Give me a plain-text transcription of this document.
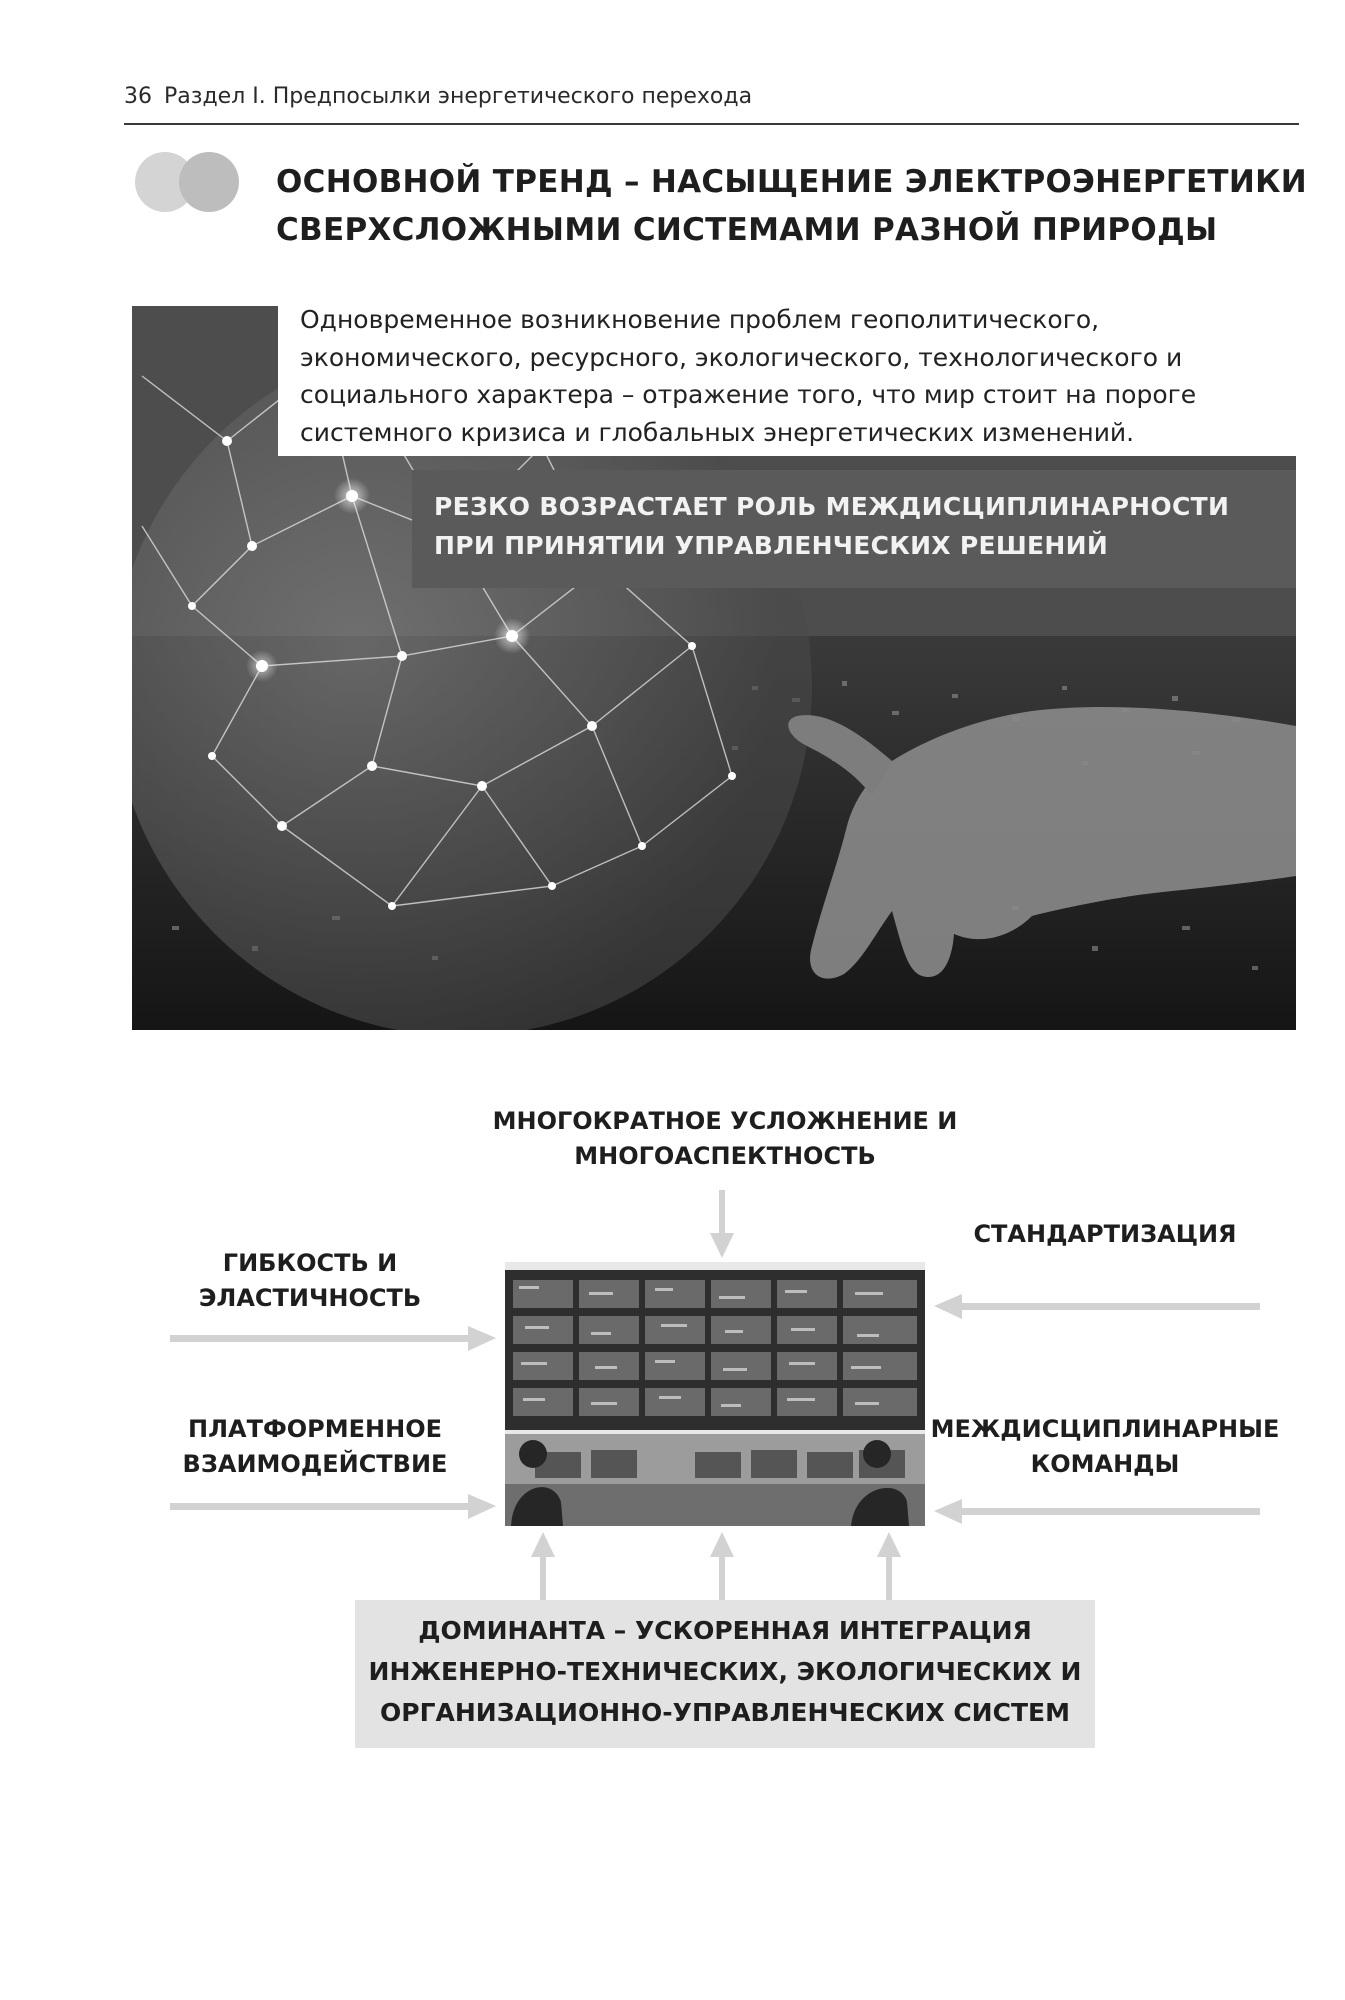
36 Раздел I. Предпосылки энергетического перехода
ОСНОВНОЙ ТРЕНД – НАСЫЩЕНИЕ ЭЛЕКТРОЭНЕРГЕТИКИ
СВЕРХСЛОЖНЫМИ СИСТЕМАМИ РАЗНОЙ ПРИРОДЫ

Одновременное возникновение проблем геополитического,
экономического, ресурсного, экологического, технологического и
социального характера – отражение того, что мир стоит на пороге
системного кризиса и глобальных энергетических изменений.

РЕЗКО ВОЗРАСТАЕТ РОЛЬ МЕЖДИСЦИПЛИНАРНОСТИ
ПРИ ПРИНЯТИИ УПРАВЛЕНЧЕСКИХ РЕШЕНИЙ

МНОГОКРАТНОЕ УСЛОЖНЕНИЕ И
МНОГОАСПЕКТНОСТЬ

ГИБКОСТЬ И
ЭЛАСТИЧНОСТЬ

СТАНДАРТИЗАЦИЯ

ПЛАТФОРМЕННОЕ
ВЗАИМОДЕЙСТВИЕ

МЕЖДИСЦИПЛИНАРНЫЕ
КОМАНДЫ

ДОМИНАНТА – УСКОРЕННАЯ ИНТЕГРАЦИЯ
ИНЖЕНЕРНО-ТЕХНИЧЕСКИХ, ЭКОЛОГИЧЕСКИХ И
ОРГАНИЗАЦИОННО-УПРАВЛЕНЧЕСКИХ СИСТЕМ
